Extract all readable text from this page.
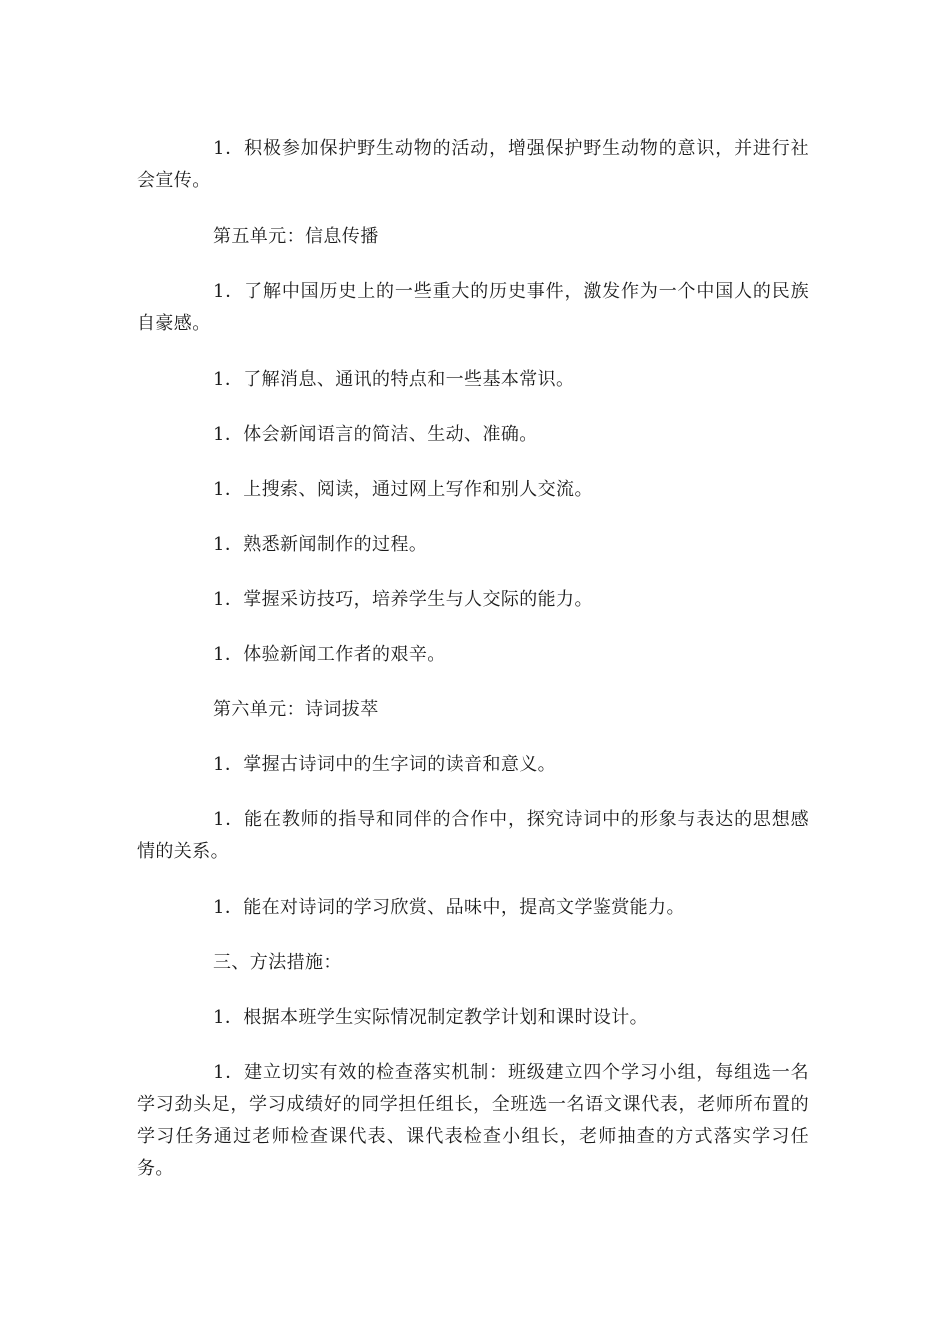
1．积极参加保护野生动物的活动，增强保护野生动物的意识，并进行社会宣传。

第五单元：信息传播

1．了解中国历史上的一些重大的历史事件，激发作为一个中国人的民族自豪感。

1．了解消息、通讯的特点和一些基本常识。

1．体会新闻语言的简洁、生动、准确。

1．上搜索、阅读，通过网上写作和别人交流。

1．熟悉新闻制作的过程。

1．掌握采访技巧，培养学生与人交际的能力。

1．体验新闻工作者的艰辛。

第六单元：诗词拔萃

1．掌握古诗词中的生字词的读音和意义。

1．能在教师的指导和同伴的合作中，探究诗词中的形象与表达的思想感情的关系。

1．能在对诗词的学习欣赏、品味中，提高文学鉴赏能力。

三、方法措施：

1．根据本班学生实际情况制定教学计划和课时设计。

1．建立切实有效的检查落实机制：班级建立四个学习小组，每组选一名学习劲头足，学习成绩好的同学担任组长，全班选一名语文课代表，老师所布置的学习任务通过老师检查课代表、课代表检查小组长，老师抽查的方式落实学习任务。
